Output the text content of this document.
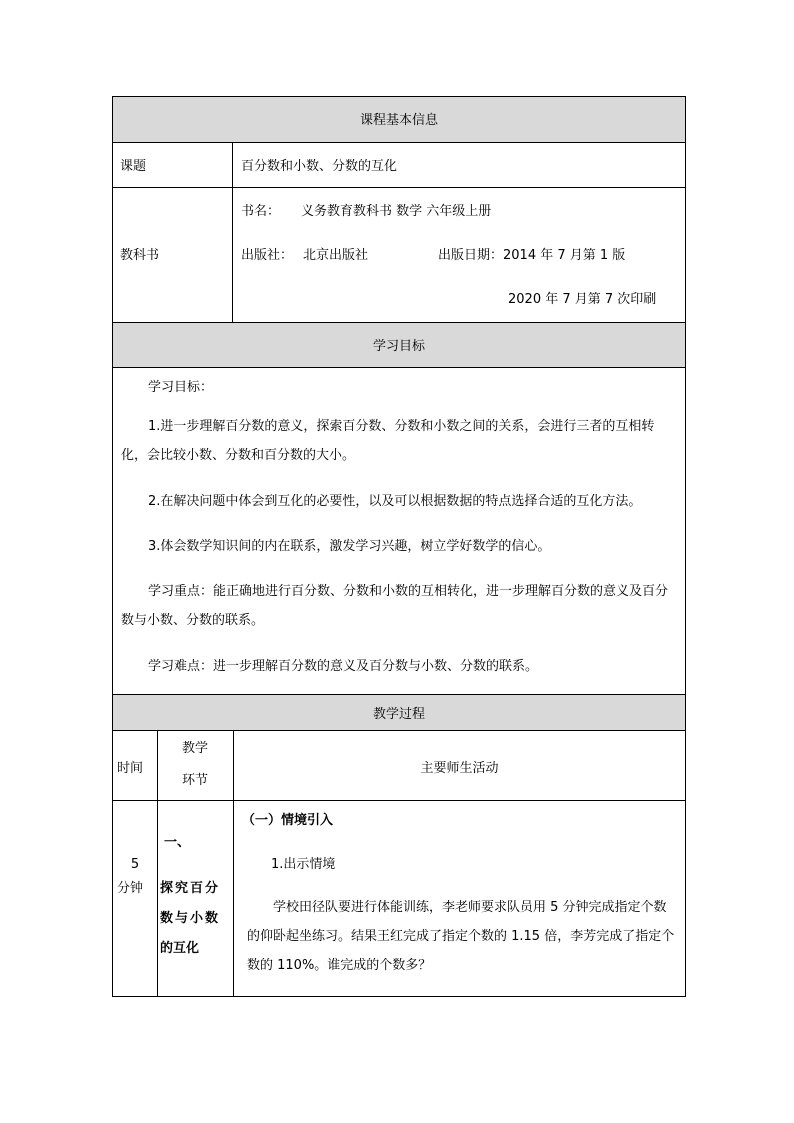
课程基本信息
课题	百分数和小数、分数的互化
教科书
书名： 义务教育教科书 数学 六年级上册
出版社： 北京出版社	出版日期：2014 年 7 月第 1 版
2020 年 7 月第 7 次印刷
学习目标
学习目标：
1.进一步理解百分数的意义，探索百分数、分数和小数之间的关系，会进行三者的互相转化，会比较小数、分数和百分数的大小。
2.在解决问题中体会到互化的必要性，以及可以根据数据的特点选择合适的互化方法。
3.体会数学知识间的内在联系，激发学习兴趣，树立学好数学的信心。
学习重点：能正确地进行百分数、分数和小数的互相转化，进一步理解百分数的意义及百分数与小数、分数的联系。
学习难点：进一步理解百分数的意义及百分数与小数、分数的联系。
教学过程
时间
教学
环节
主要师生活动
5
分钟
一、
探究百分
数与小数
的互化
（一）情境引入
1.出示情境
学校田径队要进行体能训练，李老师要求队员用 5 分钟完成指定个数的仰卧起坐练习。结果王红完成了指定个数的 1.15 倍，李芳完成了指定个数的 110%。谁完成的个数多？
